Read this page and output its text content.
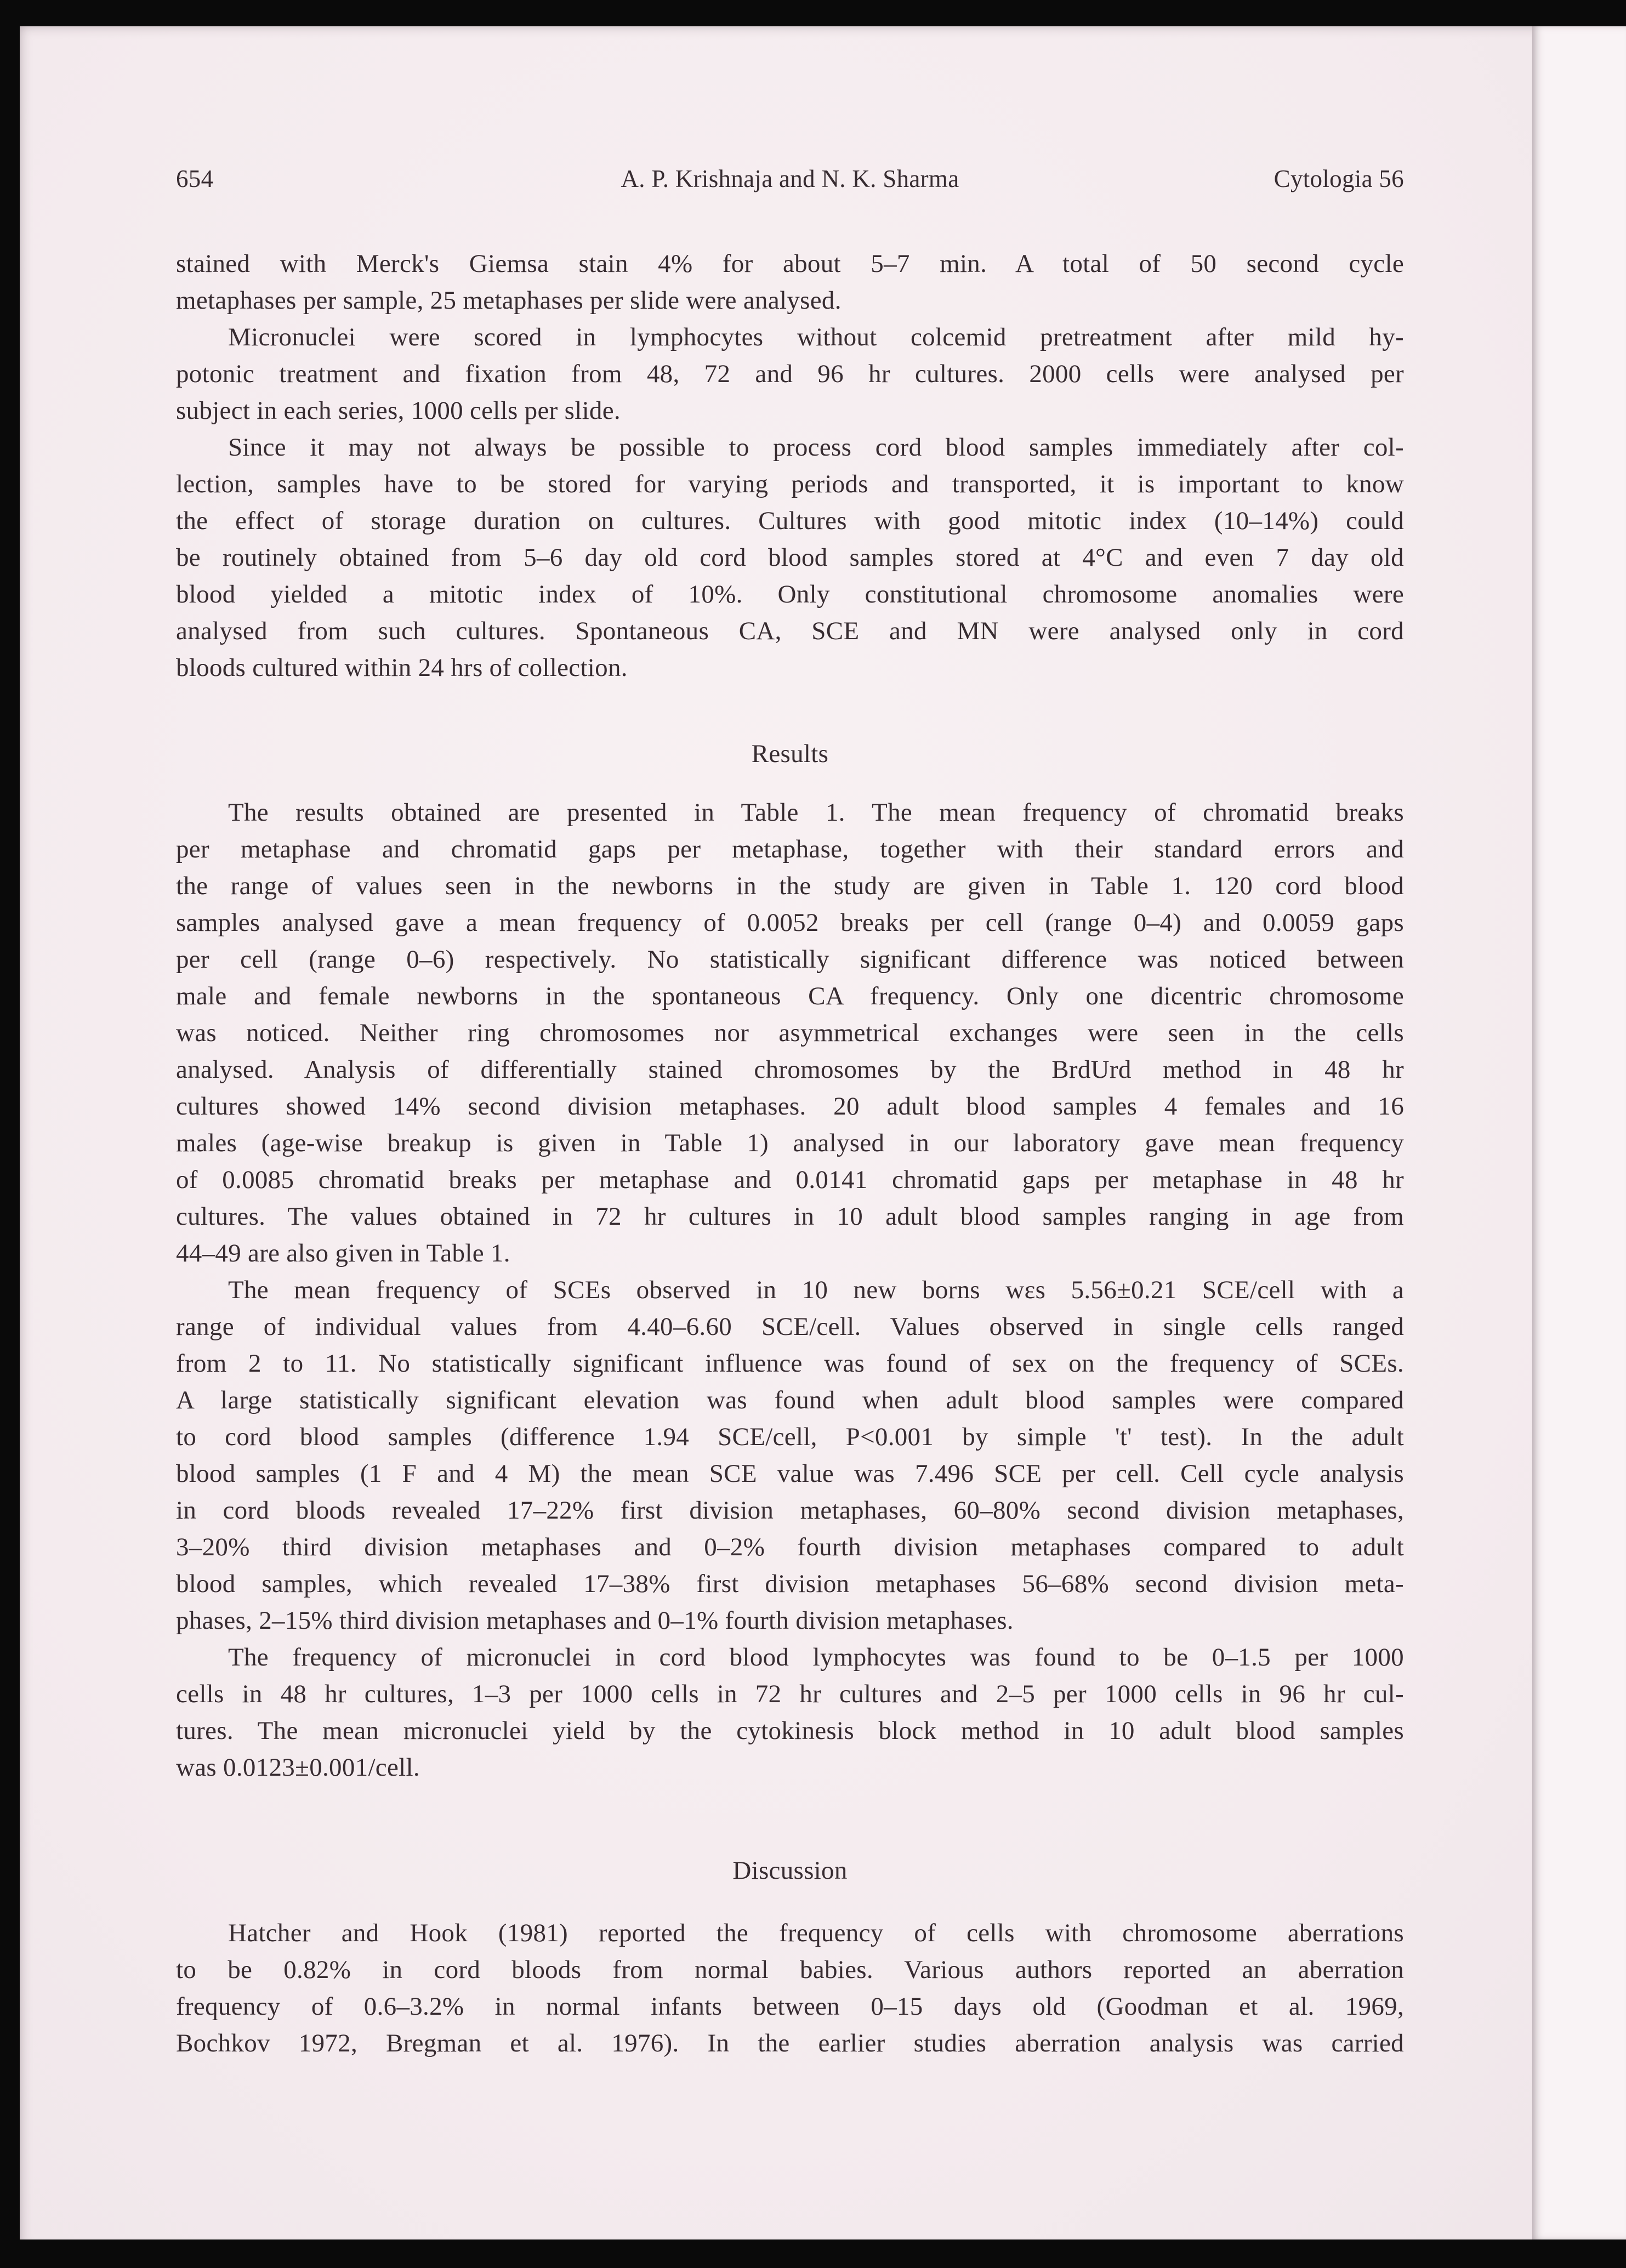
654	A. P. Krishnaja and N. K. Sharma	Cytologia 56
stained with Merck's Giemsa stain 4% for about 5–7 min. A total of 50 second cycle
metaphases per sample, 25 metaphases per slide were analysed.
Micronuclei were scored in lymphocytes without colcemid pretreatment after mild hy-
potonic treatment and fixation from 48, 72 and 96 hr cultures. 2000 cells were analysed per
subject in each series, 1000 cells per slide.
Since it may not always be possible to process cord blood samples immediately after col-
lection, samples have to be stored for varying periods and transported, it is important to know
the effect of storage duration on cultures. Cultures with good mitotic index (10–14%) could
be routinely obtained from 5–6 day old cord blood samples stored at 4°C and even 7 day old
blood yielded a mitotic index of 10%. Only constitutional chromosome anomalies were
analysed from such cultures. Spontaneous CA, SCE and MN were analysed only in cord
bloods cultured within 24 hrs of collection.
Results
The results obtained are presented in Table 1. The mean frequency of chromatid breaks
per metaphase and chromatid gaps per metaphase, together with their standard errors and
the range of values seen in the newborns in the study are given in Table 1. 120 cord blood
samples analysed gave a mean frequency of 0.0052 breaks per cell (range 0–4) and 0.0059 gaps
per cell (range 0–6) respectively. No statistically significant difference was noticed between
male and female newborns in the spontaneous CA frequency. Only one dicentric chromosome
was noticed. Neither ring chromosomes nor asymmetrical exchanges were seen in the cells
analysed. Analysis of differentially stained chromosomes by the BrdUrd method in 48 hr
cultures showed 14% second division metaphases. 20 adult blood samples 4 females and 16
males (age-wise breakup is given in Table 1) analysed in our laboratory gave mean frequency
of 0.0085 chromatid breaks per metaphase and 0.0141 chromatid gaps per metaphase in 48 hr
cultures. The values obtained in 72 hr cultures in 10 adult blood samples ranging in age from
44–49 are also given in Table 1.
The mean frequency of SCEs observed in 10 new borns wεs 5.56±0.21 SCE/cell with a
range of individual values from 4.40–6.60 SCE/cell. Values observed in single cells ranged
from 2 to 11. No statistically significant influence was found of sex on the frequency of SCEs.
A large statistically significant elevation was found when adult blood samples were compared
to cord blood samples (difference 1.94 SCE/cell, P<0.001 by simple 't' test). In the adult
blood samples (1 F and 4 M) the mean SCE value was 7.496 SCE per cell. Cell cycle analysis
in cord bloods revealed 17–22% first division metaphases, 60–80% second division metaphases,
3–20% third division metaphases and 0–2% fourth division metaphases compared to adult
blood samples, which revealed 17–38% first division metaphases 56–68% second division meta-
phases, 2–15% third division metaphases and 0–1% fourth division metaphases.
The frequency of micronuclei in cord blood lymphocytes was found to be 0–1.5 per 1000
cells in 48 hr cultures, 1–3 per 1000 cells in 72 hr cultures and 2–5 per 1000 cells in 96 hr cul-
tures. The mean micronuclei yield by the cytokinesis block method in 10 adult blood samples
was 0.0123±0.001/cell.
Discussion
Hatcher and Hook (1981) reported the frequency of cells with chromosome aberrations
to be 0.82% in cord bloods from normal babies. Various authors reported an aberration
frequency of 0.6–3.2% in normal infants between 0–15 days old (Goodman et al. 1969,
Bochkov 1972, Bregman et al. 1976). In the earlier studies aberration analysis was carried
